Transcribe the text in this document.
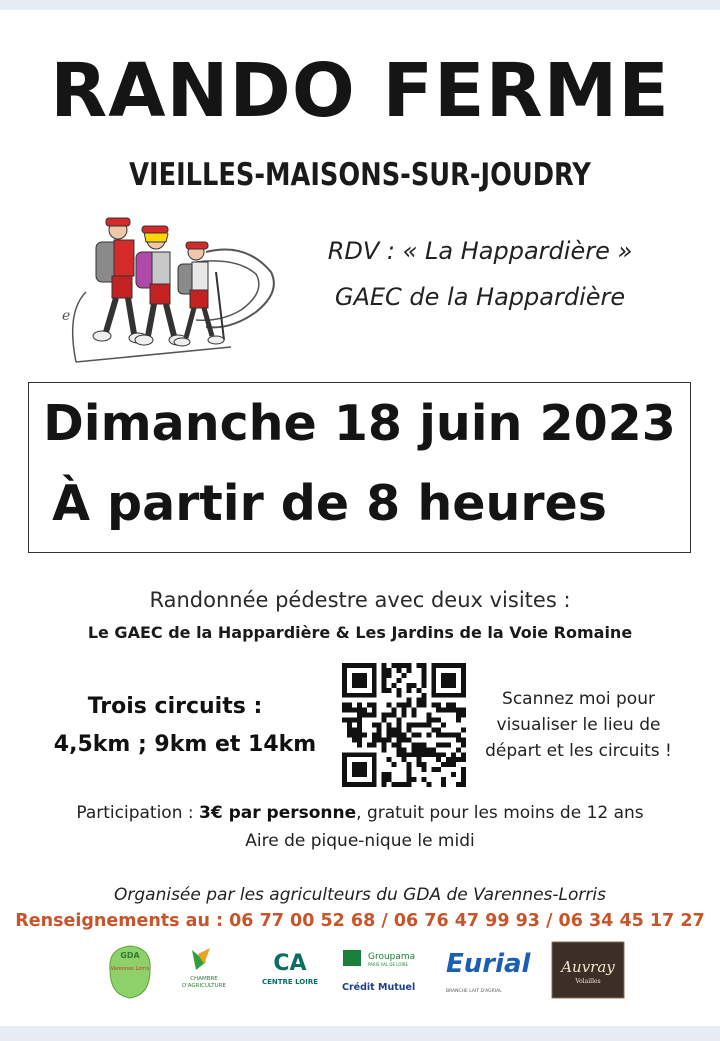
RANDO FERME
VIEILLES-MAISONS-SUR-JOUDRY
e
RDV : « La Happardière »
GAEC de la Happardière
Dimanche 18 juin 2023
À partir de 8 heures
Randonnée pédestre avec deux visites :
Le GAEC de la Happardière & Les Jardins de la Voie Romaine
Trois circuits :
4,5km ; 9km et 14km
Scannez moi pour
visualiser le lieu de
départ et les circuits !
Participation : 3€ par personne, gratuit pour les moins de 12 ans
Aire de pique-nique le midi
Organisée par les agriculteurs du GDA de Varennes-Lorris
Renseignements au : 06 77 00 52 68 / 06 76 47 99 93 / 06 34 45 17 27
GDA
Varennes Lorris
CHAMBRE
D'AGRICULTURE
CA
CENTRE LOIRE
Groupama
PARIS VAL DE LOIRE
Crédit Mutuel
Eurial
BRANCHE LAIT D'AGRIAL
Auvray
Volailles
